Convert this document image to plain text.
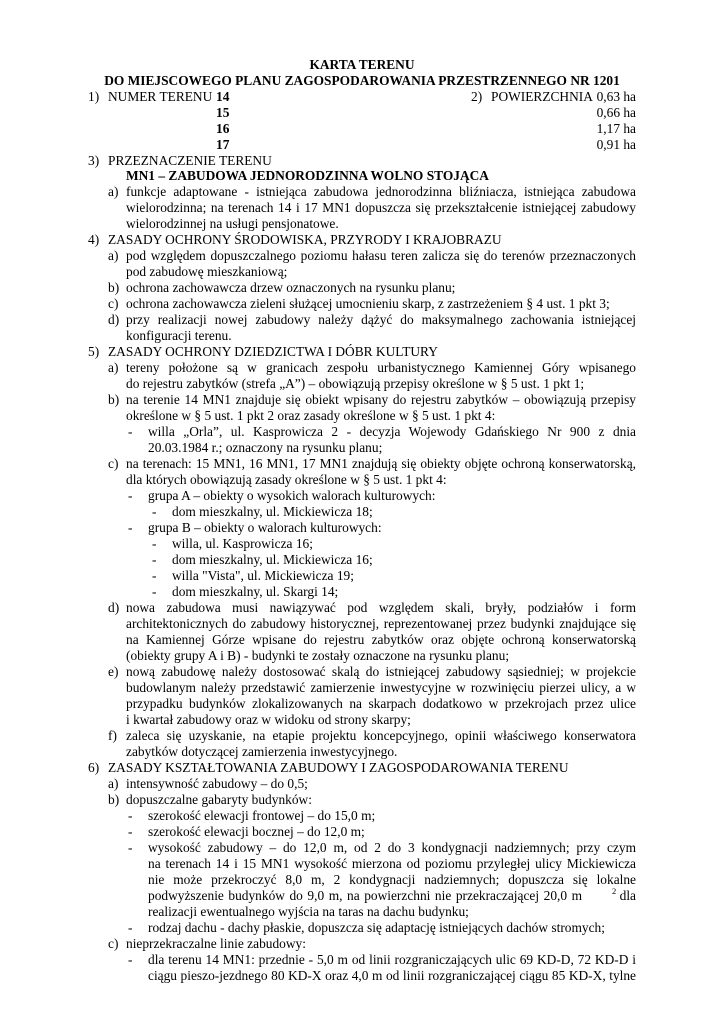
KARTA TERENU
DO MIEJSCOWEGO PLANU ZAGOSPODAROWANIA PRZESTRZENNEGO NR 1201
1) NUMER TERENU 14
15
16
17
2) POWIERZCHNIA 0,63 ha
0,66 ha
1,17 ha
0,91 ha
3) PRZEZNACZENIE TERENU
MN1 – ZABUDOWA JEDNORODZINNA WOLNO STOJĄCA
a) funkcje adaptowane - istniejąca zabudowa jednorodzinna bliźniacza, istniejąca zabudowa
wielorodzinna; na terenach 14 i 17 MN1 dopuszcza się przekształcenie istniejącej zabudowy
wielorodzinnej na usługi pensjonatowe.
4) ZASADY OCHRONY ŚRODOWISKA, PRZYRODY I KRAJOBRAZU
a) pod względem dopuszczalnego poziomu hałasu teren zalicza się do terenów przeznaczonych
pod zabudowę mieszkaniową;
b) ochrona zachowawcza drzew oznaczonych na rysunku planu;
c) ochrona zachowawcza zieleni służącej umocnieniu skarp, z zastrzeżeniem § 4 ust. 1 pkt 3;
d) przy realizacji nowej zabudowy należy dążyć do maksymalnego zachowania istniejącej
konfiguracji terenu.
5) ZASADY OCHRONY DZIEDZICTWA I DÓBR KULTURY
a) tereny położone są w granicach zespołu urbanistycznego Kamiennej Góry wpisanego
do rejestru zabytków (strefa „A”) – obowiązują przepisy określone w § 5 ust. 1 pkt 1;
b) na terenie 14 MN1 znajduje się obiekt wpisany do rejestru zabytków – obowiązują przepisy
określone w § 5 ust. 1 pkt 2 oraz zasady określone w § 5 ust. 1 pkt 4:
- willa „Orla”, ul. Kasprowicza 2 - decyzja Wojewody Gdańskiego Nr 900 z dnia
20.03.1984 r.; oznaczony na rysunku planu;
c) na terenach: 15 MN1, 16 MN1, 17 MN1 znajdują się obiekty objęte ochroną konserwatorską,
dla których obowiązują zasady określone w § 5 ust. 1 pkt 4:
- grupa A – obiekty o wysokich walorach kulturowych:
- dom mieszkalny, ul. Mickiewicza 18;
- grupa B – obiekty o walorach kulturowych:
- willa, ul. Kasprowicza 16;
- dom mieszkalny, ul. Mickiewicza 16;
- willa "Vista", ul. Mickiewicza 19;
- dom mieszkalny, ul. Skargi 14;
d) nowa zabudowa musi nawiązywać pod względem skali, bryły, podziałów i form
architektonicznych do zabudowy historycznej, reprezentowanej przez budynki znajdujące się
na Kamiennej Górze wpisane do rejestru zabytków oraz objęte ochroną konserwatorską
(obiekty grupy A i B) - budynki te zostały oznaczone na rysunku planu;
e) nową zabudowę należy dostosować skalą do istniejącej zabudowy sąsiedniej; w projekcie
budowlanym należy przedstawić zamierzenie inwestycyjne w rozwinięciu pierzei ulicy, a w
przypadku budynków zlokalizowanych na skarpach dodatkowo w przekrojach przez ulice
i kwartał zabudowy oraz w widoku od strony skarpy;
f) zaleca się uzyskanie, na etapie projektu koncepcyjnego, opinii właściwego konserwatora
zabytków dotyczącej zamierzenia inwestycyjnego.
6) ZASADY KSZTAŁTOWANIA ZABUDOWY I ZAGOSPODAROWANIA TERENU
a) intensywność zabudowy – do 0,5;
b) dopuszczalne gabaryty budynków:
- szerokość elewacji frontowej – do 15,0 m;
- szerokość elewacji bocznej – do 12,0 m;
- wysokość zabudowy – do 12,0 m, od 2 do 3 kondygnacji nadziemnych; przy czym
na terenach 14 i 15 MN1 wysokość mierzona od poziomu przyległej ulicy Mickiewicza
nie może przekroczyć 8,0 m, 2 kondygnacji nadziemnych; dopuszcza się lokalne
podwyższenie budynków do 9,0 m, na powierzchni nie przekraczającej 20,0 m	$^2$ dla
realizacji ewentualnego wyjścia na taras na dachu budynku;
- rodzaj dachu - dachy płaskie, dopuszcza się adaptację istniejących dachów stromych;
c) nieprzekraczalne linie zabudowy:
- dla terenu 14 MN1: przednie - 5,0 m od linii rozgraniczających ulic 69 KD-D, 72 KD-D i
ciągu pieszo-jezdnego 80 KD-X oraz 4,0 m od linii rozgraniczającej ciągu 85 KD-X, tylne
